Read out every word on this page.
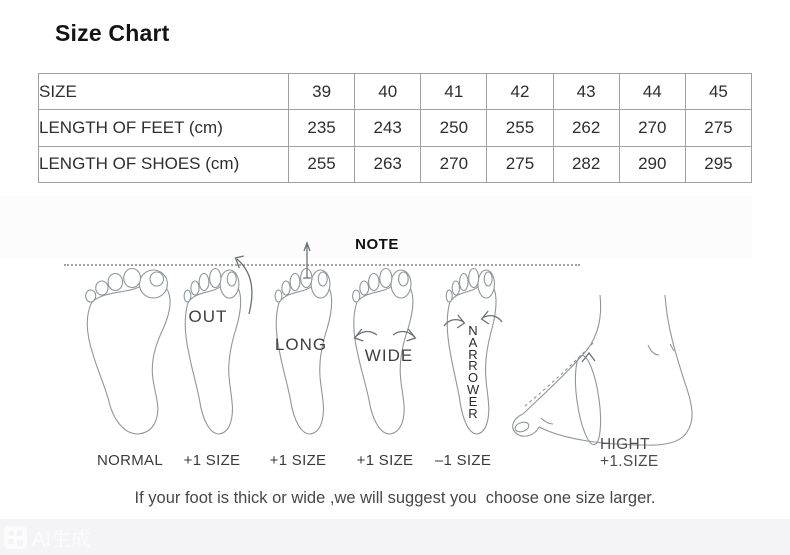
Size Chart
SIZE	39	40	41	42	43	44	45
LENGTH OF FEET (cm)	235	243	250	255	262	270	275
LENGTH OF SHOES (cm)	255	263	270	275	282	290	295
NOTE
OUT
LONG
WIDE
NARROWER
NORMAL	+1 SIZE	+1 SIZE	+1 SIZE	–1 SIZE
HIGHT
+1.SIZE
If your foot is thick or wide ,we will suggest you  choose one size larger.
AI生成
